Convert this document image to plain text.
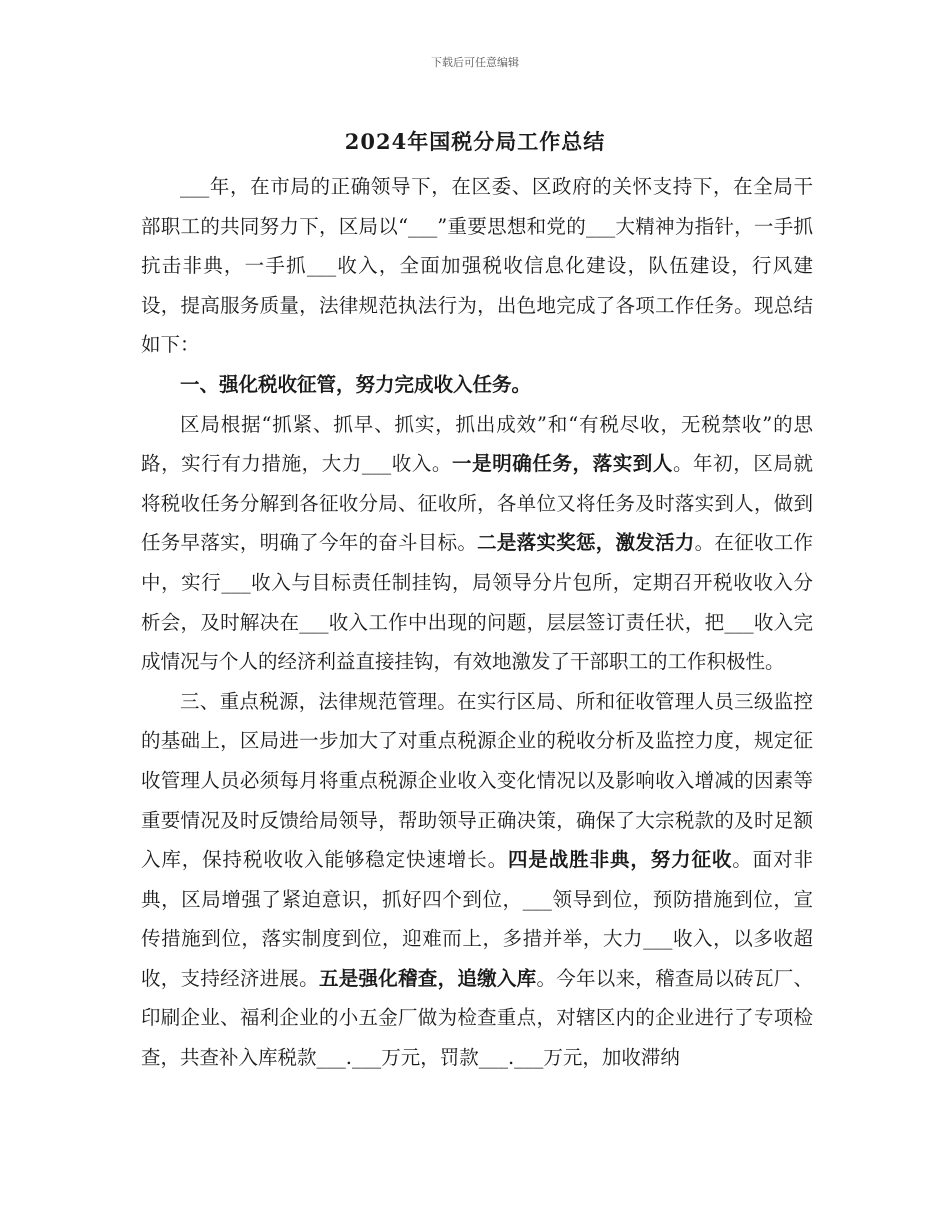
下载后可任意编辑
2024年国税分局工作总结

___年，在市局的正确领导下，在区委、区政府的关怀支持下，在全局干部职工的共同努力下，区局以“___”重要思想和党的___大精神为指针，一手抓抗击非典，一手抓___收入，全面加强税收信息化建设，队伍建设，行风建设，提高服务质量，法律规范执法行为，出色地完成了各项工作任务。现总结如下：

一、强化税收征管，努力完成收入任务。

区局根据“抓紧、抓早、抓实，抓出成效”和“有税尽收，无税禁收”的思路，实行有力措施，大力___收入。一是明确任务，落实到人。年初，区局就将税收任务分解到各征收分局、征收所，各单位又将任务及时落实到人，做到任务早落实，明确了今年的奋斗目标。二是落实奖惩，激发活力。在征收工作中，实行___收入与目标责任制挂钩，局领导分片包所，定期召开税收收入分析会，及时解决在___收入工作中出现的问题，层层签订责任状，把___收入完成情况与个人的经济利益直接挂钩，有效地激发了干部职工的工作积极性。

三、重点税源，法律规范管理。在实行区局、所和征收管理人员三级监控的基础上，区局进一步加大了对重点税源企业的税收分析及监控力度，规定征收管理人员必须每月将重点税源企业收入变化情况以及影响收入增减的因素等重要情况及时反馈给局领导，帮助领导正确决策，确保了大宗税款的及时足额入库，保持税收收入能够稳定快速增长。四是战胜非典，努力征收。面对非典，区局增强了紧迫意识，抓好四个到位，___领导到位，预防措施到位，宣传措施到位，落实制度到位，迎难而上，多措并举，大力___收入，以多收超收，支持经济进展。五是强化稽查，追缴入库。今年以来，稽查局以砖瓦厂、印刷企业、福利企业的小五金厂做为检查重点，对辖区内的企业进行了专项检查，共查补入库税款___.___万元，罚款___.___万元，加收滞纳
